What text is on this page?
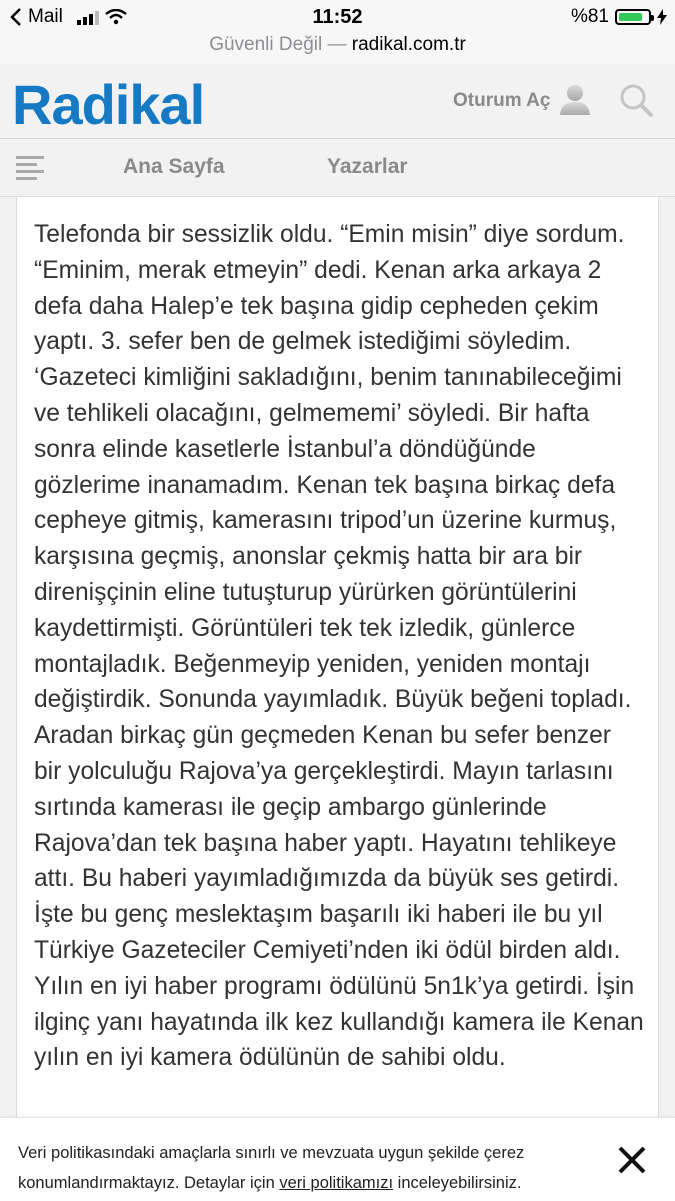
Mail	11:52	%81
Güvenli Değil — radikal.com.tr
Radikal	Oturum Aç
Ana Sayfa	Yazarlar

Telefonda bir sessizlik oldu. “Emin misin” diye sordum. “Eminim, merak etmeyin” dedi. Kenan arka arkaya 2 defa daha Halep’e tek başına gidip cepheden çekim yaptı. 3. sefer ben de gelmek istediğimi söyledim. ‘Gazeteci kimliğini sakladığını, benim tanınabileceğimi ve tehlikeli olacağını, gelmememi’ söyledi. Bir hafta sonra elinde kasetlerle İstanbul’a döndüğünde gözlerime inanamadım. Kenan tek başına birkaç defa cepheye gitmiş, kamerasını tripod’un üzerine kurmuş, karşısına geçmiş, anonslar çekmiş hatta bir ara bir direnişçinin eline tutuşturup yürürken görüntülerini kaydettirmişti. Görüntüleri tek tek izledik, günlerce montajladık. Beğenmeyip yeniden, yeniden montajı değiştirdik. Sonunda yayımladık. Büyük beğeni topladı. Aradan birkaç gün geçmeden Kenan bu sefer benzer bir yolculuğu Rajova’ya gerçekleştirdi. Mayın tarlasını sırtında kamerası ile geçip ambargo günlerinde Rajova’dan tek başına haber yaptı. Hayatını tehlikeye attı. Bu haberi yayımladığımızda da büyük ses getirdi. İşte bu genç meslektaşım başarılı iki haberi ile bu yıl Türkiye Gazeteciler Cemiyeti’nden iki ödül birden aldı. Yılın en iyi haber programı ödülünü 5n1k’ya getirdi. İşin ilginç yanı hayatında ilk kez kullandığı kamera ile Kenan yılın en iyi kamera ödülünün de sahibi oldu.

Veri politikasındaki amaçlarla sınırlı ve mevzuata uygun şekilde çerez konumlandırmaktayız. Detaylar için veri politikamızı inceleyebilirsiniz.
